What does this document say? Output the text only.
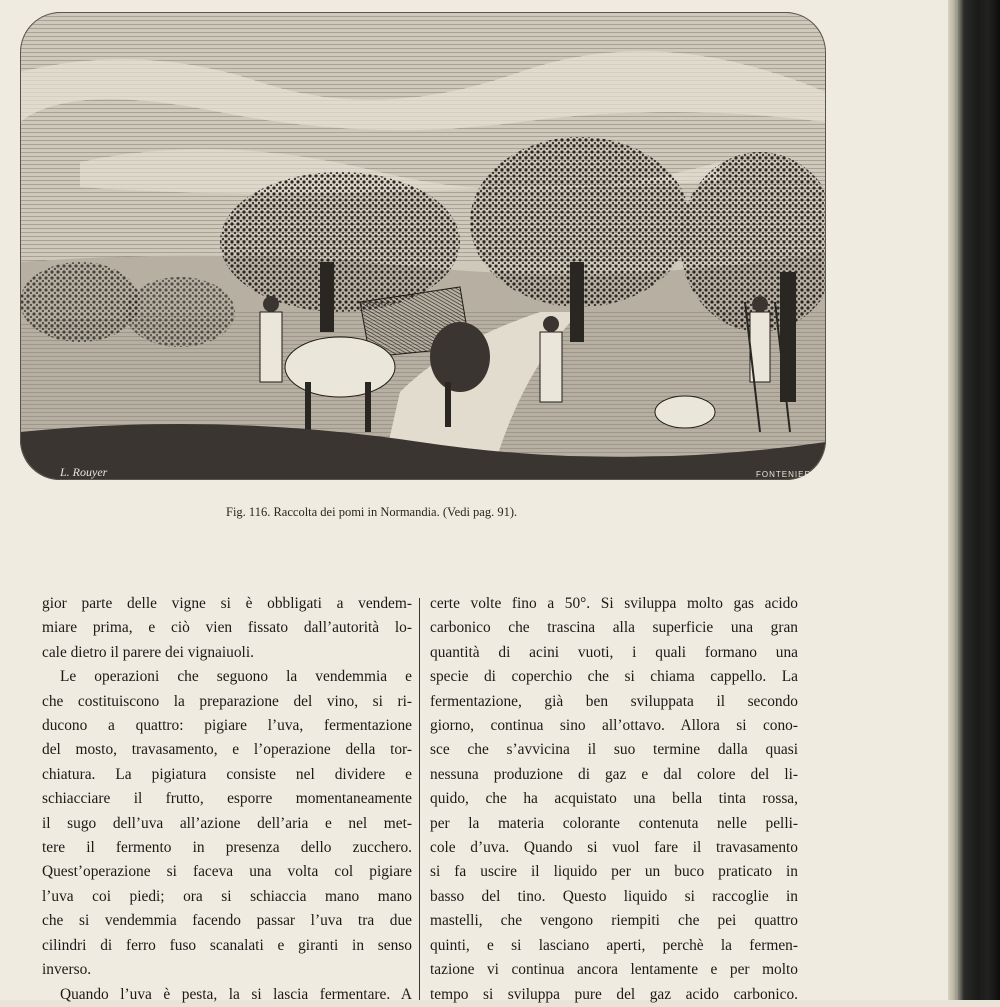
L. Rouyer	FONTENIER
Fig. 116. Raccolta dei pomi in Normandia. (Vedi pag. 91).
gior parte delle vigne si è obbligati a vendem-
miare prima, e ciò vien fissato dall’autorità lo-
cale dietro il parere dei vignaiuoli.
Le operazioni che seguono la vendemmia e
che costituiscono la preparazione del vino, si ri-
ducono a quattro: pigiare l’uva, fermentazione
del mosto, travasamento, e l’operazione della tor-
chiatura. La pigiatura consiste nel dividere e
schiacciare il frutto, esporre momentaneamente
il sugo dell’uva all’azione dell’aria e nel met-
tere il fermento in presenza dello zucchero.
Quest’operazione si faceva una volta col pigiare
l’uva coi piedi; ora si schiaccia mano mano
che si vendemmia facendo passar l’uva tra due
cilindri di ferro fuso scanalati e giranti in senso
inverso.
Quando l’uva è pesta, la si lascia fermentare. A
certe volte fino a 50°. Si sviluppa molto gas acido
carbonico che trascina alla superficie una gran
quantità di acini vuoti, i quali formano una
specie di coperchio che si chiama cappello. La
fermentazione, già ben sviluppata il secondo
giorno, continua sino all’ottavo. Allora si cono-
sce che s’avvicina il suo termine dalla quasi
nessuna produzione di gaz e dal colore del li-
quido, che ha acquistato una bella tinta rossa,
per la materia colorante contenuta nelle pelli-
cole d’uva. Quando si vuol fare il travasamento
si fa uscire il liquido per un buco praticato in
basso del tino. Questo liquido si raccoglie in
mastelli, che vengono riempiti che pei quattro
quinti, e si lasciano aperti, perchè la fermen-
tazione vi continua ancora lentamente e per molto
tempo si sviluppa pure del gaz acido carbonico.
